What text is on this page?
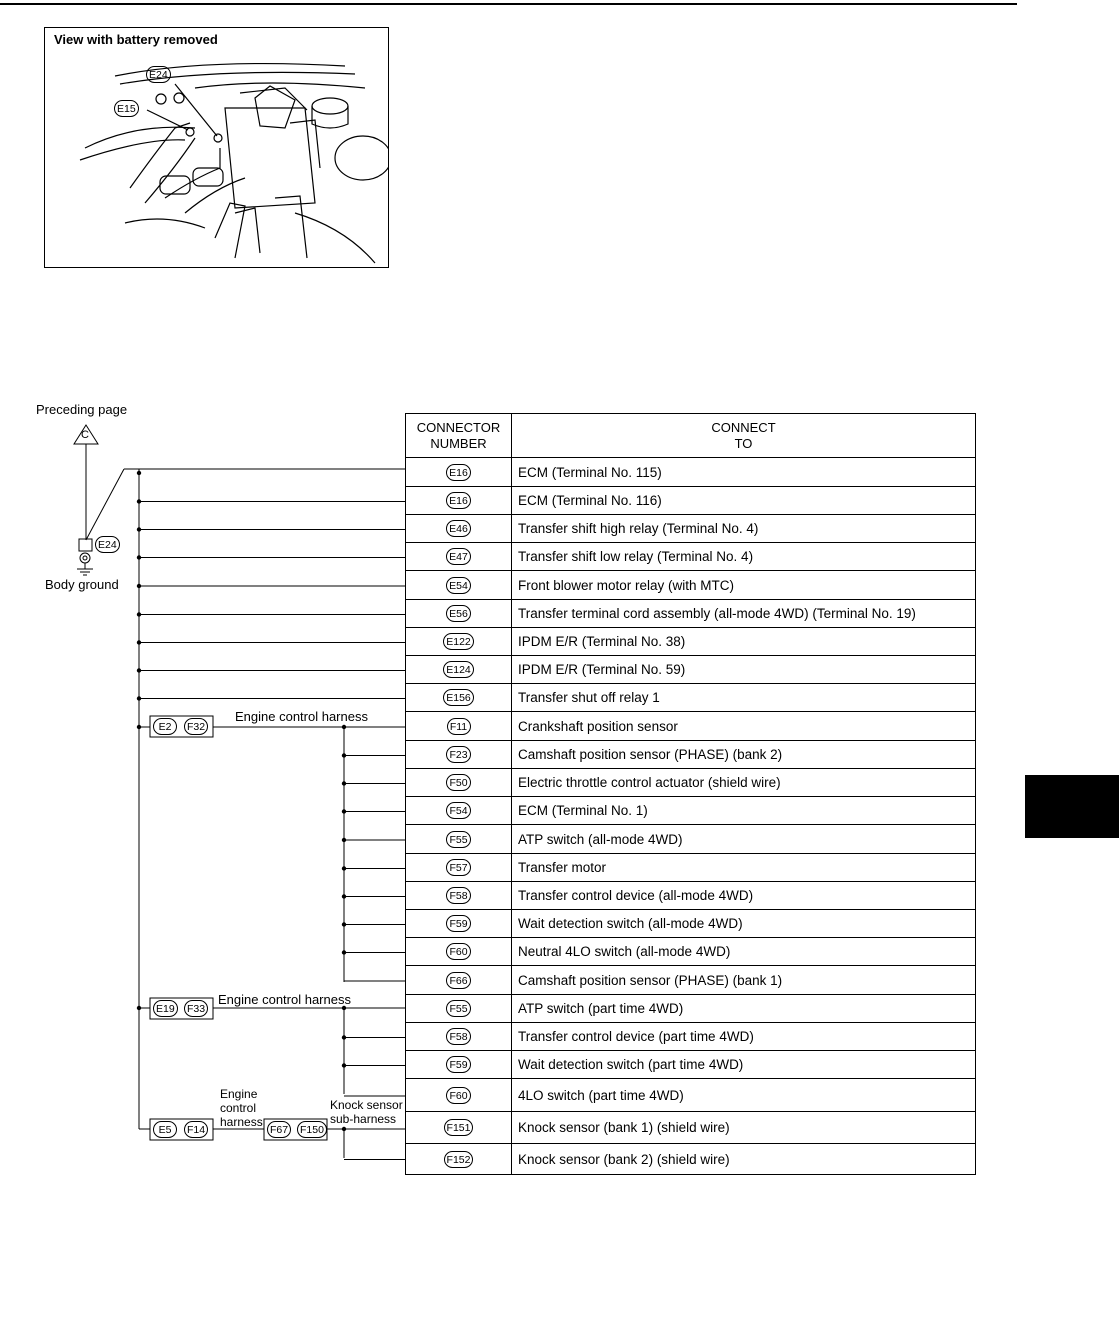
View with battery removed
E24
E15
Preceding page
C
E24
Body ground
Engine control harness
Engine control harness
Engine
control
harness
Knock sensor
sub-harness
E2	F32
E19 F33
E5	F14	F67 F150
CONNECTOR
NUMBER
CONNECT
TO
E16	ECM (Terminal No. 115)
E16	ECM (Terminal No. 116)
E46	Transfer shift high relay (Terminal No. 4)
E47	Transfer shift low relay (Terminal No. 4)
E54	Front blower motor relay (with MTC)
E56	Transfer terminal cord assembly (all-mode 4WD) (Terminal No. 19)
E122	IPDM E/R (Terminal No. 38)
E124	IPDM E/R (Terminal No. 59)
E156	Transfer shut off relay 1
F11	Crankshaft position sensor
F23	Camshaft position sensor (PHASE) (bank 2)
F50	Electric throttle control actuator (shield wire)
F54	ECM (Terminal No. 1)
F55	ATP switch (all-mode 4WD)
F57	Transfer motor
F58	Transfer control device (all-mode 4WD)
F59	Wait detection switch (all-mode 4WD)
F60	Neutral 4LO switch (all-mode 4WD)
F66	Camshaft position sensor (PHASE) (bank 1)
F55	ATP switch (part time 4WD)
F58	Transfer control device (part time 4WD)
F59	Wait detection switch (part time 4WD)
F60	4LO switch (part time 4WD)
F151	Knock sensor (bank 1) (shield wire)
F152	Knock sensor (bank 2) (shield wire)
